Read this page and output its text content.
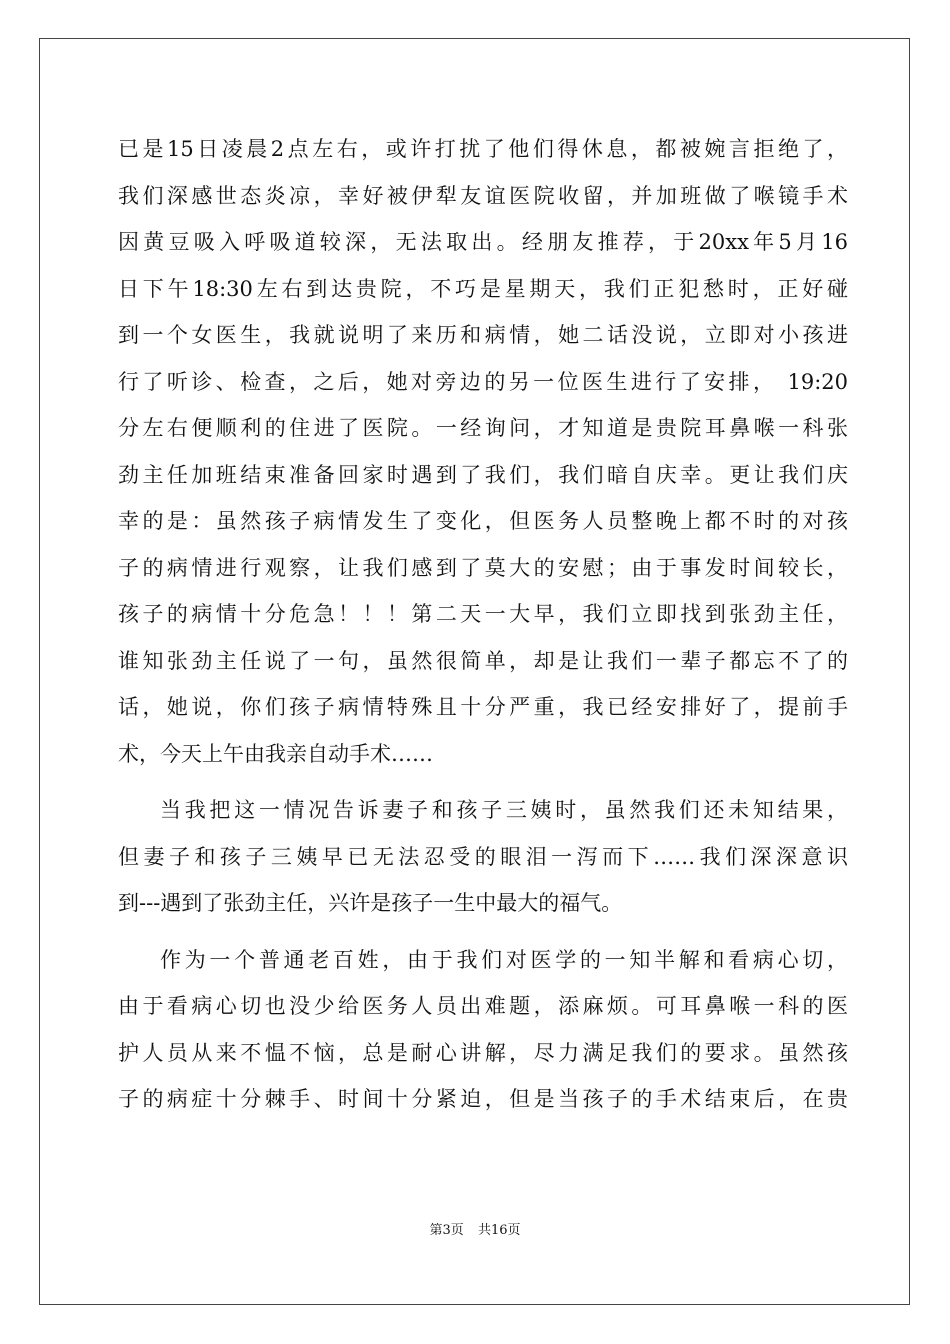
已是15日凌晨2点左右，或许打扰了他们得休息，都被婉言拒绝了，
我们深感世态炎凉，幸好被伊犁友谊医院收留，并加班做了喉镜手术
因黄豆吸入呼吸道较深，无法取出。经朋友推荐，于20xx年5月16
日下午18:30左右到达贵院，不巧是星期天，我们正犯愁时，正好碰
到一个女医生，我就说明了来历和病情，她二话没说，立即对小孩进
行了听诊、检查，之后，她对旁边的另一位医生进行了安排， 19:20
分左右便顺利的住进了医院。一经询问，才知道是贵院耳鼻喉一科张
劲主任加班结束准备回家时遇到了我们，我们暗自庆幸。更让我们庆
幸的是：虽然孩子病情发生了变化，但医务人员整晚上都不时的对孩
子的病情进行观察，让我们感到了莫大的安慰；由于事发时间较长，
孩子的病情十分危急！！！第二天一大早，我们立即找到张劲主任，
谁知张劲主任说了一句，虽然很简单，却是让我们一辈子都忘不了的
话，她说，你们孩子病情特殊且十分严重，我已经安排好了，提前手
术，今天上午由我亲自动手术……
当我把这一情况告诉妻子和孩子三姨时，虽然我们还未知结果，
但妻子和孩子三姨早已无法忍受的眼泪一泻而下……我们深深意识
到---遇到了张劲主任，兴许是孩子一生中最大的福气。
作为一个普通老百姓，由于我们对医学的一知半解和看病心切，
由于看病心切也没少给医务人员出难题，添麻烦。可耳鼻喉一科的医
护人员从来不愠不恼，总是耐心讲解，尽力满足我们的要求。虽然孩
子的病症十分棘手、时间十分紧迫，但是当孩子的手术结束后，在贵
第3页 共16页
